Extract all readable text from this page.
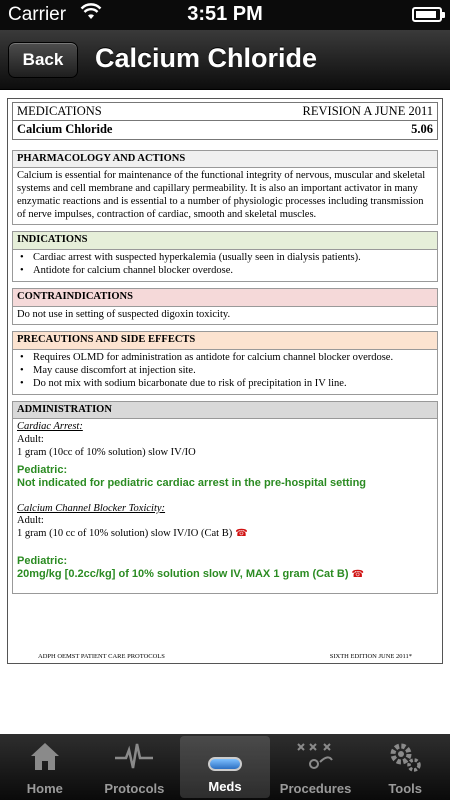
Carrier	3:51 PM
Back	Calcium Chloride
MEDICATIONS	REVISION A JUNE 2011
Calcium Chloride	5.06
PHARMACOLOGY AND ACTIONS
Calcium is essential for maintenance of the functional integrity of nervous, muscular and skeletal systems and cell membrane and capillary permeability. It is also an important activator in many enzymatic reactions and is essential to a number of physiologic processes including transmission of nerve impulses, contraction of cardiac, smooth and skeletal muscles.
INDICATIONS
• Cardiac arrest with suspected hyperkalemia (usually seen in dialysis patients).
• Antidote for calcium channel blocker overdose.
CONTRAINDICATIONS
Do not use in setting of suspected digoxin toxicity.
PRECAUTIONS AND SIDE EFFECTS
• Requires OLMD for administration as antidote for calcium channel blocker overdose.
• May cause discomfort at injection site.
• Do not mix with sodium bicarbonate due to risk of precipitation in IV line.
ADMINISTRATION
Cardiac Arrest:
Adult:
1 gram (10cc of 10% solution) slow IV/IO
Pediatric:
Not indicated for pediatric cardiac arrest in the pre-hospital setting
Calcium Channel Blocker Toxicity:
Adult:
1 gram (10 cc of 10% solution) slow IV/IO (Cat B) ☎
Pediatric:
20mg/kg [0.2cc/kg] of 10% solution slow IV, MAX 1 gram (Cat B) ☎
ADPH OEMST PATIENT CARE PROTOCOLS	SIXTH EDITION JUNE 2011*
Home	Protocols	Meds	Procedures	Tools
